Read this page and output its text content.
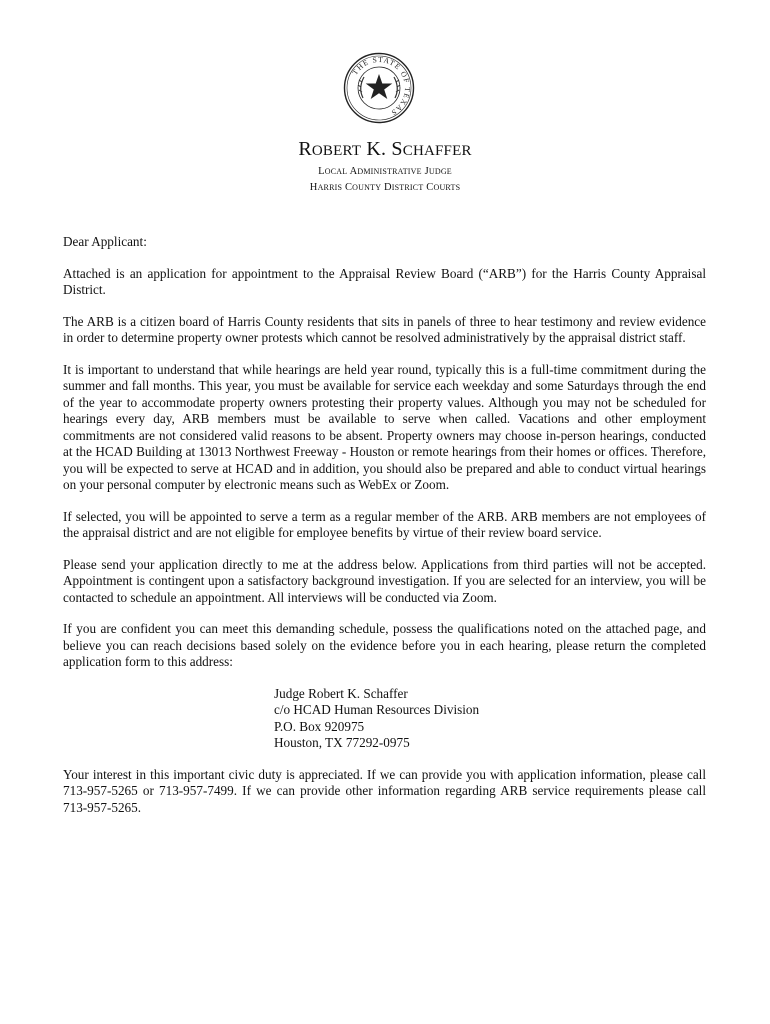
THE STATE OF TEXAS
ROBERT K. SCHAFFER
LOCAL ADMINISTRATIVE JUDGE
HARRIS COUNTY DISTRICT COURTS

Dear Applicant:

Attached is an application for appointment to the Appraisal Review Board (“ARB”) for the Harris County Appraisal District.

The ARB is a citizen board of Harris County residents that sits in panels of three to hear testimony and review evidence in order to determine property owner protests which cannot be resolved administratively by the appraisal district staff.

It is important to understand that while hearings are held year round, typically this is a full-time commitment during the summer and fall months. This year, you must be available for service each weekday and some Saturdays through the end of the year to accommodate property owners protesting their property values. Although you may not be scheduled for hearings every day, ARB members must be available to serve when called. Vacations and other employment commitments are not considered valid reasons to be absent. Property owners may choose in-person hearings, conducted at the HCAD Building at 13013 Northwest Freeway - Houston or remote hearings from their homes or offices. Therefore, you will be expected to serve at HCAD and in addition, you should also be prepared and able to conduct virtual hearings on your personal computer by electronic means such as WebEx or Zoom.

If selected, you will be appointed to serve a term as a regular member of the ARB. ARB members are not employees of the appraisal district and are not eligible for employee benefits by virtue of their review board service.

Please send your application directly to me at the address below. Applications from third parties will not be accepted. Appointment is contingent upon a satisfactory background investigation. If you are selected for an interview, you will be contacted to schedule an appointment. All interviews will be conducted via Zoom.

If you are confident you can meet this demanding schedule, possess the qualifications noted on the attached page, and believe you can reach decisions based solely on the evidence before you in each hearing, please return the completed application form to this address:

Judge Robert K. Schaffer
c/o HCAD Human Resources Division
P.O. Box 920975
Houston, TX 77292-0975

Your interest in this important civic duty is appreciated. If we can provide you with application information, please call 713-957-5265 or 713-957-7499. If we can provide other information regarding ARB service requirements please call 713-957-5265.
